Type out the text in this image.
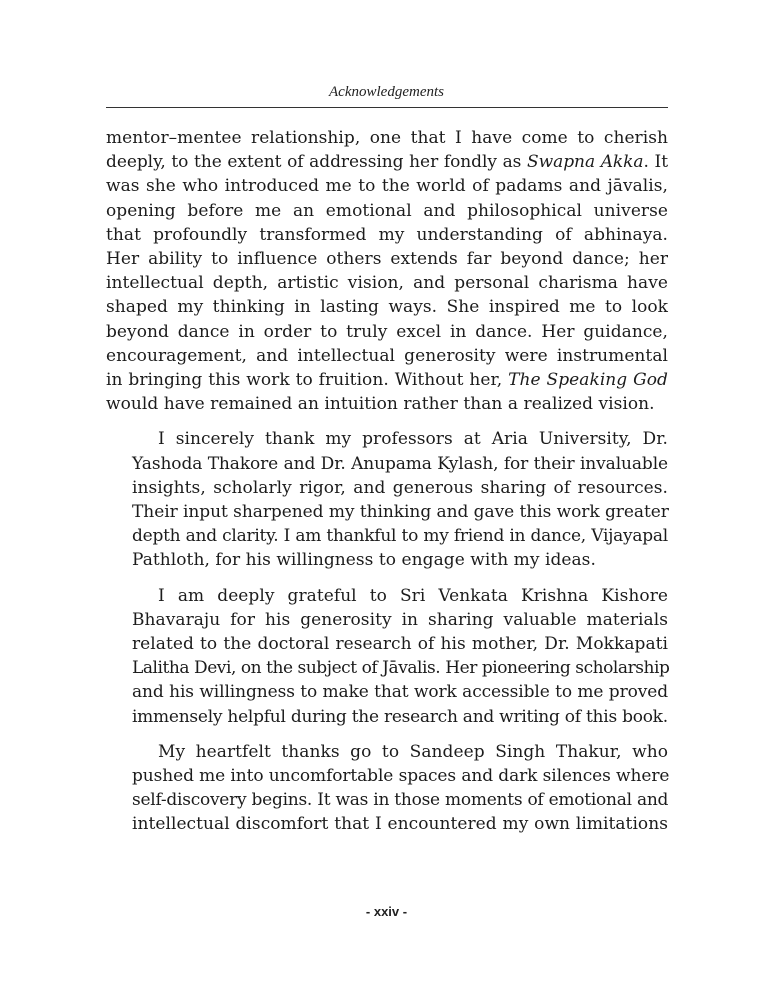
Acknowledgements

mentor–mentee relationship, one that I have come to cherish
deeply, to the extent of addressing her fondly as Swapna Akka. It
was she who introduced me to the world of padams and jāvalis,
opening before me an emotional and philosophical universe
that profoundly transformed my understanding of abhinaya.
Her ability to influence others extends far beyond dance; her
intellectual depth, artistic vision, and personal charisma have
shaped my thinking in lasting ways. She inspired me to look
beyond dance in order to truly excel in dance. Her guidance,
encouragement, and intellectual generosity were instrumental
in bringing this work to fruition. Without her, The Speaking God
would have remained an intuition rather than a realized vision.

I sincerely thank my professors at Aria University, Dr.
Yashoda Thakore and Dr. Anupama Kylash, for their invaluable
insights, scholarly rigor, and generous sharing of resources.
Their input sharpened my thinking and gave this work greater
depth and clarity. I am thankful to my friend in dance, Vijayapal
Pathloth, for his willingness to engage with my ideas.

I am deeply grateful to Sri Venkata Krishna Kishore
Bhavaraju for his generosity in sharing valuable materials
related to the doctoral research of his mother, Dr. Mokkapati
Lalitha Devi, on the subject of Jāvalis. Her pioneering scholarship
and his willingness to make that work accessible to me proved
immensely helpful during the research and writing of this book.

My heartfelt thanks go to Sandeep Singh Thakur, who
pushed me into uncomfortable spaces and dark silences where
self-discovery begins. It was in those moments of emotional and
intellectual discomfort that I encountered my own limitations

- xxiv -
